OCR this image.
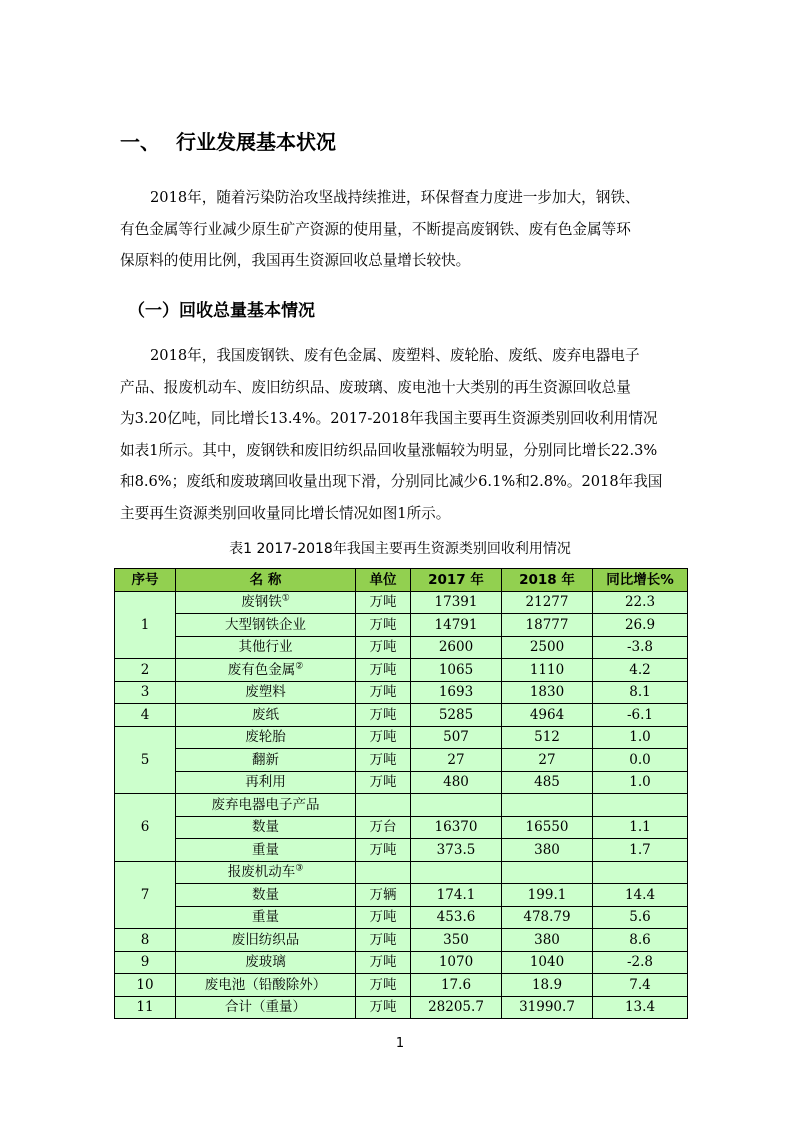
一、 行业发展基本状况
2018年，随着污染防治攻坚战持续推进，环保督查力度进一步加大，钢铁、
有色金属等行业减少原生矿产资源的使用量，不断提高废钢铁、废有色金属等环
保原料的使用比例，我国再生资源回收总量增长较快。
（一）回收总量基本情况
2018年，我国废钢铁、废有色金属、废塑料、废轮胎、废纸、废弃电器电子
产品、报废机动车、废旧纺织品、废玻璃、废电池十大类别的再生资源回收总量
为3.20亿吨，同比增长13.4%。2017-2018年我国主要再生资源类别回收利用情况
如表1所示。其中，废钢铁和废旧纺织品回收量涨幅较为明显，分别同比增长22.3%
和8.6%；废纸和废玻璃回收量出现下滑，分别同比减少6.1%和2.8%。2018年我国
主要再生资源类别回收量同比增长情况如图1所示。
表1 2017-2018年我国主要再生资源类别回收利用情况
序号	名 称	单位	2017 年	2018 年	同比增长%
1	废钢铁①	万吨	17391	21277	22.3
	大型钢铁企业	万吨	14791	18777	26.9
	其他行业	万吨	2600	2500	-3.8
2	废有色金属②	万吨	1065	1110	4.2
3	废塑料	万吨	1693	1830	8.1
4	废纸	万吨	5285	4964	-6.1
5	废轮胎	万吨	507	512	1.0
	翻新	万吨	27	27	0.0
	再利用	万吨	480	485	1.0
6	废弃电器电子产品				
	数量	万台	16370	16550	1.1
	重量	万吨	373.5	380	1.7
7	报废机动车③				
	数量	万辆	174.1	199.1	14.4
	重量	万吨	453.6	478.79	5.6
8	废旧纺织品	万吨	350	380	8.6
9	废玻璃	万吨	1070	1040	-2.8
10	废电池（铅酸除外）	万吨	17.6	18.9	7.4
11	合计（重量）	万吨	28205.7	31990.7	13.4
1
